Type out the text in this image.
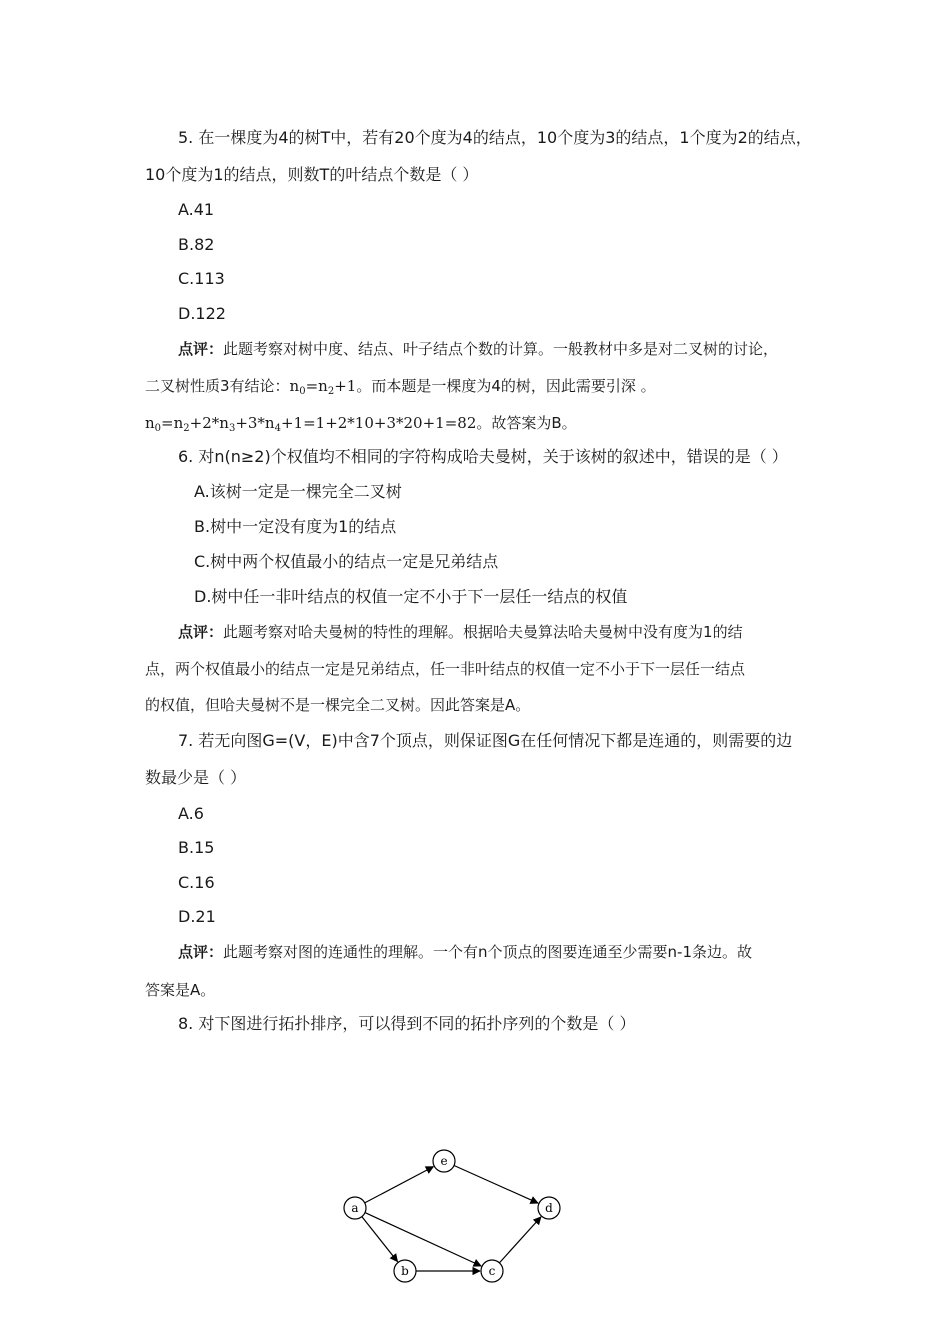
5. 在一棵度为4的树T中，若有20个度为4的结点，10个度为3的结点，1个度为2的结点，
10个度为1的结点，则数T的叶结点个数是（ ）
A.41
B.82
C.113
D.122
点评：此题考察对树中度、结点、叶子结点个数的计算。一般教材中多是对二叉树的讨论，
二叉树性质3有结论：$n_0=n_2+1$。而本题是一棵度为4的树，因此需要引深 。
$n_0=n_2+2*n_3+3*n_4+1=1+2*10+3*20+1=82$。故答案为B。
6. 对n(n≥2)个权值均不相同的字符构成哈夫曼树，关于该树的叙述中，错误的是（ ）
A.该树一定是一棵完全二叉树
B.树中一定没有度为1的结点
C.树中两个权值最小的结点一定是兄弟结点
D.树中任一非叶结点的权值一定不小于下一层任一结点的权值
点评：此题考察对哈夫曼树的特性的理解。根据哈夫曼算法哈夫曼树中没有度为1的结
点，两个权值最小的结点一定是兄弟结点，任一非叶结点的权值一定不小于下一层任一结点
的权值，但哈夫曼树不是一棵完全二叉树。因此答案是A。
7. 若无向图G=(V，E)中含7个顶点，则保证图G在任何情况下都是连通的，则需要的边
数最少是（ ）
A.6
B.15
C.16
D.21
点评：此题考察对图的连通性的理解。一个有n个顶点的图要连通至少需要n-1条边。故
答案是A。
8. 对下图进行拓扑排序，可以得到不同的拓扑序列的个数是（ ）
a
e
b	c
d
